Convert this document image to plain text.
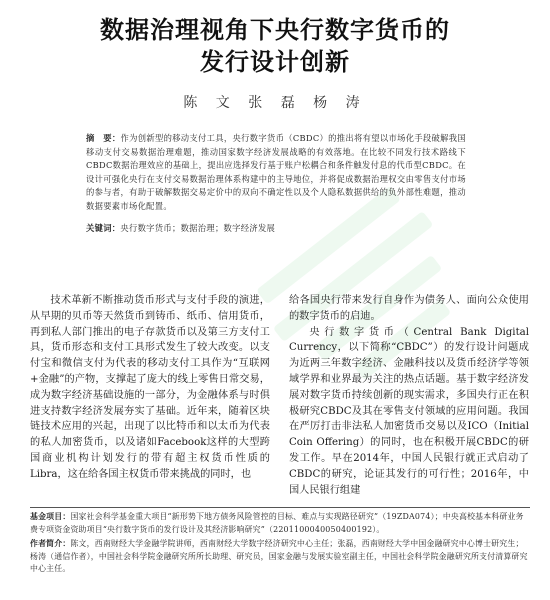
数据治理视角下央行数字货币的
发行设计创新
陈 文 张 磊 杨 涛
摘　要：作为创新型的移动支付工具，央行数字货币（CBDC）的推出将有望以市场化手段破解我国移动支付交易数据治理难题，推动国家数字经济发展战略的有效落地。在比较不同发行技术路线下CBDC数据治理效应的基础上，提出应选择发行基于账户松耦合和条件触发付息的代币型CBDC。在设计可强化央行在支付交易数据治理体系构建中的主导地位，并将促成数据治理权交由零售支付市场的参与者，有助于破解数据交易定价中的双向不确定性以及个人隐私数据供给的负外部性难题，推动数据要素市场化配置。
关键词：央行数字货币；数据治理；数字经济发展

技术革新不断推动货币形式与支付手段的演进，从早期的贝币等天然货币到铸币、纸币、信用货币，再到私人部门推出的电子存款货币以及第三方支付工具，货币形态和支付工具形式发生了较大改变。以支付宝和微信支付为代表的移动支付工具作为“互联网+金融”的产物，支撑起了庞大的线上零售日常交易，成为数字经济基础设施的一部分，为金融体系与时俱进支持数字经济发展夯实了基础。近年来，随着区块链技术应用的兴起，出现了以比特币和以太币为代表的私人加密货币，以及诸如Facebook这样的大型跨国商业机构计划发行的带有超主权货币性质的Libra，这在给各国主权货币带来挑战的同时，也

给各国央行带来发行自身作为债务人、面向公众使用的数字货币的启迪。

央行数字货币（Central Bank Digital Currency，以下简称“CBDC”）的发行设计问题成为近两三年数字经济、金融科技以及货币经济学等领域学界和业界最为关注的热点话题。基于数字经济发展对数字货币持续创新的现实需求，多国央行正在积极研究CBDC及其在零售支付领域的应用问题。我国在严厉打击非法私人加密货币交易以及ICO（Initial Coin Offering）的同时，也在积极开展CBDC的研发工作。早在2014年，中国人民银行就正式启动了CBDC的研究，论证其发行的可行性；2016年，中国人民银行组建

基金项目：国家社会科学基金重大项目“新形势下地方债务风险管控的目标、难点与实现路径研究”（19ZDA074）；中央高校基本科研业务费专项资金资助项目“央行数字货币的发行设计及其经济影响研究”（2201100040050400192）。

作者简介：陈文，西南财经大学金融学院讲师，西南财经大学数字经济研究中心主任；张磊，西南财经大学中国金融研究中心博士研究生；杨涛（通信作者），中国社会科学院金融研究所所长助理、研究员，国家金融与发展实验室副主任，中国社会科学院金融研究所支付清算研究中心主任。
